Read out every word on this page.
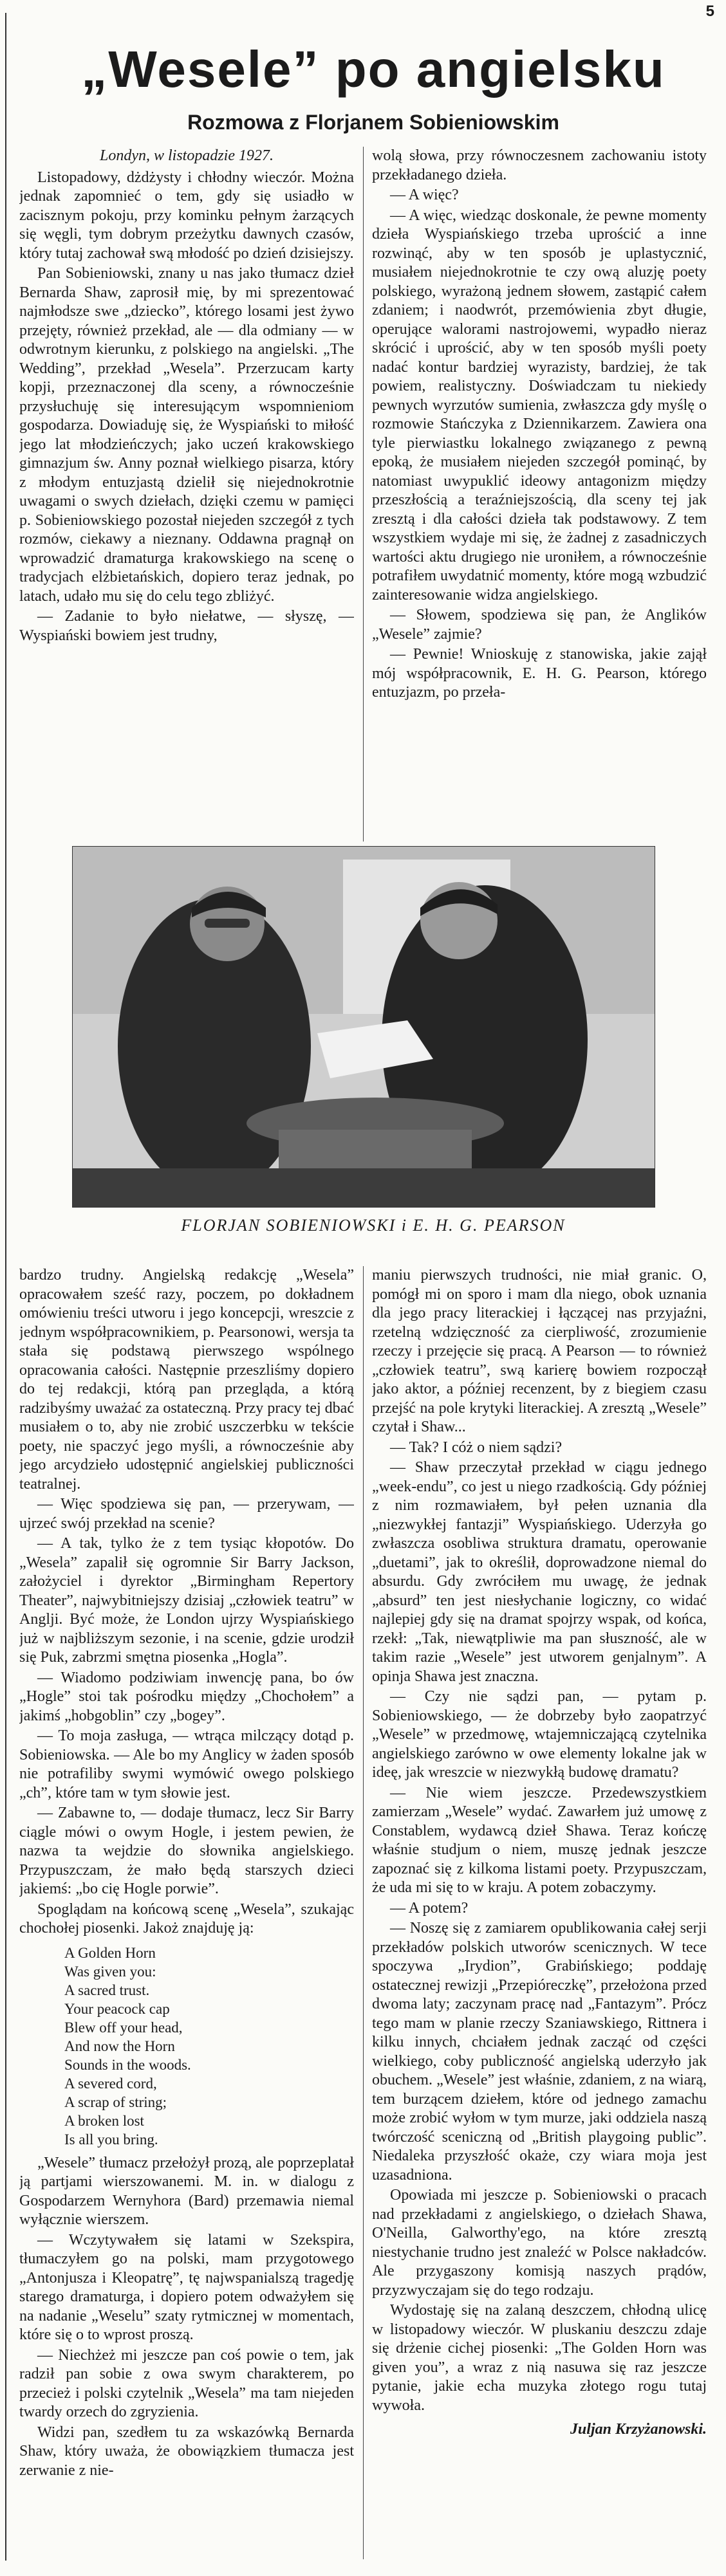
5
„Wesele” po angielsku
Rozmowa z Florjanem Sobieniowskim

Londyn, w listopadzie 1927.

Listopadowy, dżdżysty i chłodny wieczór. Można jednak zapomnieć o tem, gdy się usiadło w zacisznym pokoju, przy kominku pełnym żarzących się węgli, tym dobrym przeżytku dawnych czasów, który tutaj zachował swą młodość po dzień dzisiejszy.

Pan Sobieniowski, znany u nas jako tłumacz dzieł Bernarda Shaw, zaprosił mię, by mi sprezentować najmłodsze swe „dziecko”, którego losami jest żywo przejęty, również przekład, ale — dla odmiany — w odwrotnym kierunku, z polskiego na angielski. „The Wedding”, przekład „Wesela”. Przerzucam karty kopji, przeznaczonej dla sceny, a równocześnie przysłuchuję się interesującym wspomnieniom gospodarza. Dowiaduję się, że Wyspiański to miłość jego lat młodzieńczych; jako uczeń krakowskiego gimnazjum św. Anny poznał wielkiego pisarza, który z młodym entuzjastą dzielił się niejednokrotnie uwagami o swych dziełach, dzięki czemu w pamięci p. Sobieniowskiego pozostał niejeden szczegół z tych rozmów, ciekawy a nieznany. Oddawna pragnął on wprowadzić dramaturga krakowskiego na scenę o tradycjach elżbietańskich, dopiero teraz jednak, po latach, udało mu się do celu tego zbliżyć.

— Zadanie to było niełatwe, — słyszę, — Wyspiański bowiem jest trudny,

wolą słowa, przy równoczesnem zachowaniu istoty przekładanego dzieła.

— A więc?

— A więc, wiedząc doskonale, że pewne momenty dzieła Wyspiańskiego trzeba uprościć a inne rozwinąć, aby w ten sposób je uplastycznić, musiałem niejednokrotnie te czy ową aluzję poety polskiego, wyrażoną jednem słowem, zastąpić całem zdaniem; i naodwrót, przemówienia zbyt długie, operujące walorami nastrojowemi, wypadło nieraz skrócić i uprościć, aby w ten sposób myśli poety nadać kontur bardziej wyrazisty, bardziej, że tak powiem, realistyczny. Doświadczam tu niekiedy pewnych wyrzutów sumienia, zwłaszcza gdy myślę o rozmowie Stańczyka z Dziennikarzem. Zawiera ona tyle pierwiastku lokalnego związanego z pewną epoką, że musiałem niejeden szczegół pominąć, by natomiast uwypuklić ideowy antagonizm między przeszłością a teraźniejszością, dla sceny tej jak zresztą i dla całości dzieła tak podstawowy. Z tem wszystkiem wydaje mi się, że żadnej z zasadniczych wartości aktu drugiego nie uroniłem, a równocześnie potrafiłem uwydatnić momenty, które mogą wzbudzić zainteresowanie widza angielskiego.

— Słowem, spodziewa się pan, że Anglików „Wesele” zajmie?

— Pewnie! Wnioskuję z stanowiska, jakie zajął mój współpracownik, E. H. G. Pearson, którego entuzjazm, po przeła-

FLORJAN SOBIENIOWSKI i E. H. G. PEARSON

bardzo trudny. Angielską redakcję „Wesela” opracowałem sześć razy, poczem, po dokładnem omówieniu treści utworu i jego koncepcji, wreszcie z jednym współpracownikiem, p. Pearsonowi, wersja ta stała się podstawą pierwszego wspólnego opracowania całości. Następnie przeszliśmy dopiero do tej redakcji, którą pan przegląda, a którą radzibyśmy uważać za ostateczną. Przy pracy tej dbać musiałem o to, aby nie zrobić uszczerbku w tekście poety, nie spaczyć jego myśli, a równocześnie aby jego arcydzieło udostępnić angielskiej publiczności teatralnej.

— Więc spodziewa się pan, — przerywam, — ujrzeć swój przekład na scenie?

— A tak, tylko że z tem tysiąc kłopotów. Do „Wesela” zapalił się ogromnie Sir Barry Jackson, założyciel i dyrektor „Birmingham Repertory Theater”, najwybitniejszy dzisiaj „człowiek teatru” w Anglji. Być może, że London ujrzy Wyspiańskiego już w najbliższym sezonie, i na scenie, gdzie urodził się Puk, zabrzmi smętna piosenka „Hogla”.

— Wiadomo podziwiam inwencję pana, bo ów „Hogle” stoi tak pośrodku między „Chochołem” a jakimś „hobgoblin” czy „bogey”.

— To moja zasługa, — wtrąca milczący dotąd p. Sobieniowska. — Ale bo my Anglicy w żaden sposób nie potrafiliby swymi wymówić owego polskiego „ch”, które tam w tym słowie jest.

— Zabawne to, — dodaje tłumacz, lecz Sir Barry ciągle mówi o owym Hogle, i jestem pewien, że nazwa ta wejdzie do słownika angielskiego. Przypuszczam, że mało będą starszych dzieci jakiemś: „bo cię Hogle porwie”.

Spoglądam na końcową scenę „Wesela”, szukając chochołej piosenki. Jakoż znajduję ją:

A Golden Horn
Was given you:
A sacred trust.
Your peacock cap
Blew off your head,
And now the Horn
Sounds in the woods.
A severed cord,
A scrap of string;
A broken lost
Is all you bring.

„Wesele” tłumacz przełożył prozą, ale poprzeplatał ją partjami wierszowanemi. M. in. w dialogu z Gospodarzem Wernyhora (Bard) przemawia niemal wyłącznie wierszem.

— Wczytywałem się latami w Szekspira, tłumaczyłem go na polski, mam przygotowego „Antonjusza i Kleopatrę”, tę najwspanialszą tragedję starego dramaturga, i dopiero potem odważyłem się na nadanie „Weselu” szaty rytmicznej w momentach, które się o to wprost proszą.

— Niechżeż mi jeszcze pan coś powie o tem, jak radził pan sobie z owa swym charakterem, po przecież i polski czytelnik „Wesela” ma tam niejeden twardy orzech do zgryzienia.

Widzi pan, szedłem tu za wskazówką Bernarda Shaw, który uważa, że obowiązkiem tłumacza jest zerwanie z nie-

maniu pierwszych trudności, nie miał granic. O, pomógł mi on sporo i mam dla niego, obok uznania dla jego pracy literackiej i łączącej nas przyjaźni, rzetelną wdzięczność za cierpliwość, zrozumienie rzeczy i przejęcie się pracą. A Pearson — to również „człowiek teatru”, swą karierę bowiem rozpoczął jako aktor, a później recenzent, by z biegiem czasu przejść na pole krytyki literackiej. A zresztą „Wesele” czytał i Shaw...

— Tak? I cóż o niem sądzi?

— Shaw przeczytał przekład w ciągu jednego „week-endu”, co jest u niego rzadkością. Gdy później z nim rozmawiałem, był pełen uznania dla „niezwykłej fantazji” Wyspiańskiego. Uderzyła go zwłaszcza osobliwa struktura dramatu, operowanie „duetami”, jak to określił, doprowadzone niemal do absurdu. Gdy zwróciłem mu uwagę, że jednak „absurd” ten jest niesłychanie logiczny, co widać najlepiej gdy się na dramat spojrzy wspak, od końca, rzekł: „Tak, niewątpliwie ma pan słuszność, ale w takim razie „Wesele” jest utworem genjalnym”. A opinja Shawa jest znaczna.

— Czy nie sądzi pan, — pytam p. Sobieniowskiego, — że dobrzeby było zaopatrzyć „Wesele” w przedmowę, wtajemniczającą czytelnika angielskiego zarówno w owe elementy lokalne jak w ideę, jak wreszcie w niezwykłą budowę dramatu?

— Nie wiem jeszcze. Przedewszystkiem zamierzam „Wesele” wydać. Zawarłem już umowę z Constablem, wydawcą dzieł Shawa. Teraz kończę właśnie studjum o niem, muszę jednak jeszcze zapoznać się z kilkoma listami poety. Przypuszczam, że uda mi się to w kraju. A potem zobaczymy.

— A potem?

— Noszę się z zamiarem opublikowania całej serji przekładów polskich utworów scenicznych. W tece spoczywa „Irydion”, Grabińskiego; poddaję ostatecznej rewizji „Przepióreczkę”, przełożona przed dwoma laty; zaczynam pracę nad „Fantazym”. Prócz tego mam w planie rzeczy Szaniawskiego, Rittnera i kilku innych, chciałem jednak zacząć od części wielkiego, coby publiczność angielską uderzyło jak obuchem. „Wesele” jest właśnie, zdaniem, z na wiarą, tem burzącem dziełem, które od jednego zamachu może zrobić wyłom w tym murze, jaki oddziela naszą twórczość sceniczną od „British playgoing public”. Niedaleka przyszłość okaże, czy wiara moja jest uzasadniona.

Opowiada mi jeszcze p. Sobieniowski o pracach nad przekładami z angielskiego, o dziełach Shawa, O'Neilla, Galworthy'ego, na które zresztą niestychanie trudno jest znaleźć w Polsce nakładców. Ale przygaszony komisją naszych prądów, przyzwyczajam się do tego rodzaju.

Wydostaję się na zalaną deszczem, chłodną ulicę w listopadowy wieczór. W pluskaniu deszczu zdaje się drżenie cichej piosenki: „The Golden Horn was given you”, a wraz z nią nasuwa się raz jeszcze pytanie, jakie echa muzyka złotego rogu tutaj wywoła.

Juljan Krzyżanowski.
